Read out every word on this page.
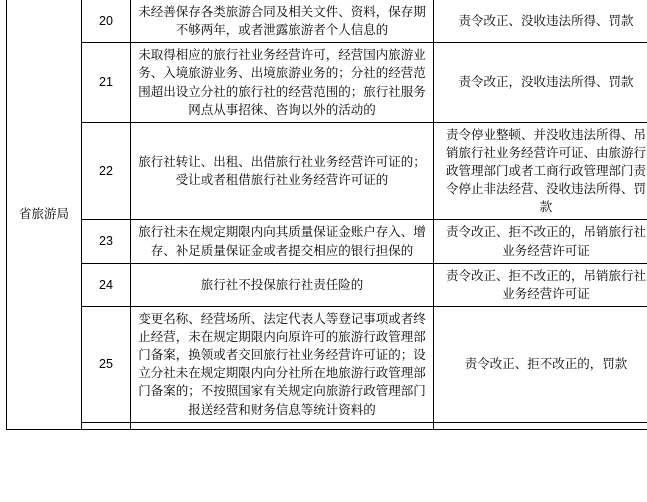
省旅游局	20	未经善保存各类旅游合同及相关文件、资料，保存期不够两年，或者泄露旅游者个人信息的	责令改正、没收违法所得、罚款
	21	未取得相应的旅行社业务经营许可，经营国内旅游业务、入境旅游业务、出境旅游业务的；分社的经营范围超出设立分社的旅行社的经营范围的；旅行社服务网点从事招徕、咨询以外的活动的	责令改正，没收违法所得、罚款
	22	旅行社转让、出租、出借旅行社业务经营许可证的；受让或者租借旅行社业务经营许可证的	责令停业整顿、并没收违法所得、吊销旅行社业务经营许可证、由旅游行政管理部门或者工商行政管理部门责令停止非法经营、没收违法所得、罚款
	23	旅行社未在规定期限内向其质量保证金账户存入、增存、补足质量保证金或者提交相应的银行担保的	责令改正、拒不改正的，吊销旅行社业务经营许可证
	24	旅行社不投保旅行社责任险的	责令改正、拒不改正的，吊销旅行社业务经营许可证
	25	变更名称、经营场所、法定代表人等登记事项或者终止经营，未在规定期限内向原许可的旅游行政管理部门备案，换领或者交回旅行社业务经营许可证的；设立分社未在规定期限内向分社所在地旅游行政管理部门备案的；不按照国家有关规定向旅游行政管理部门报送经营和财务信息等统计资料的	责令改正、拒不改正的，罚款
